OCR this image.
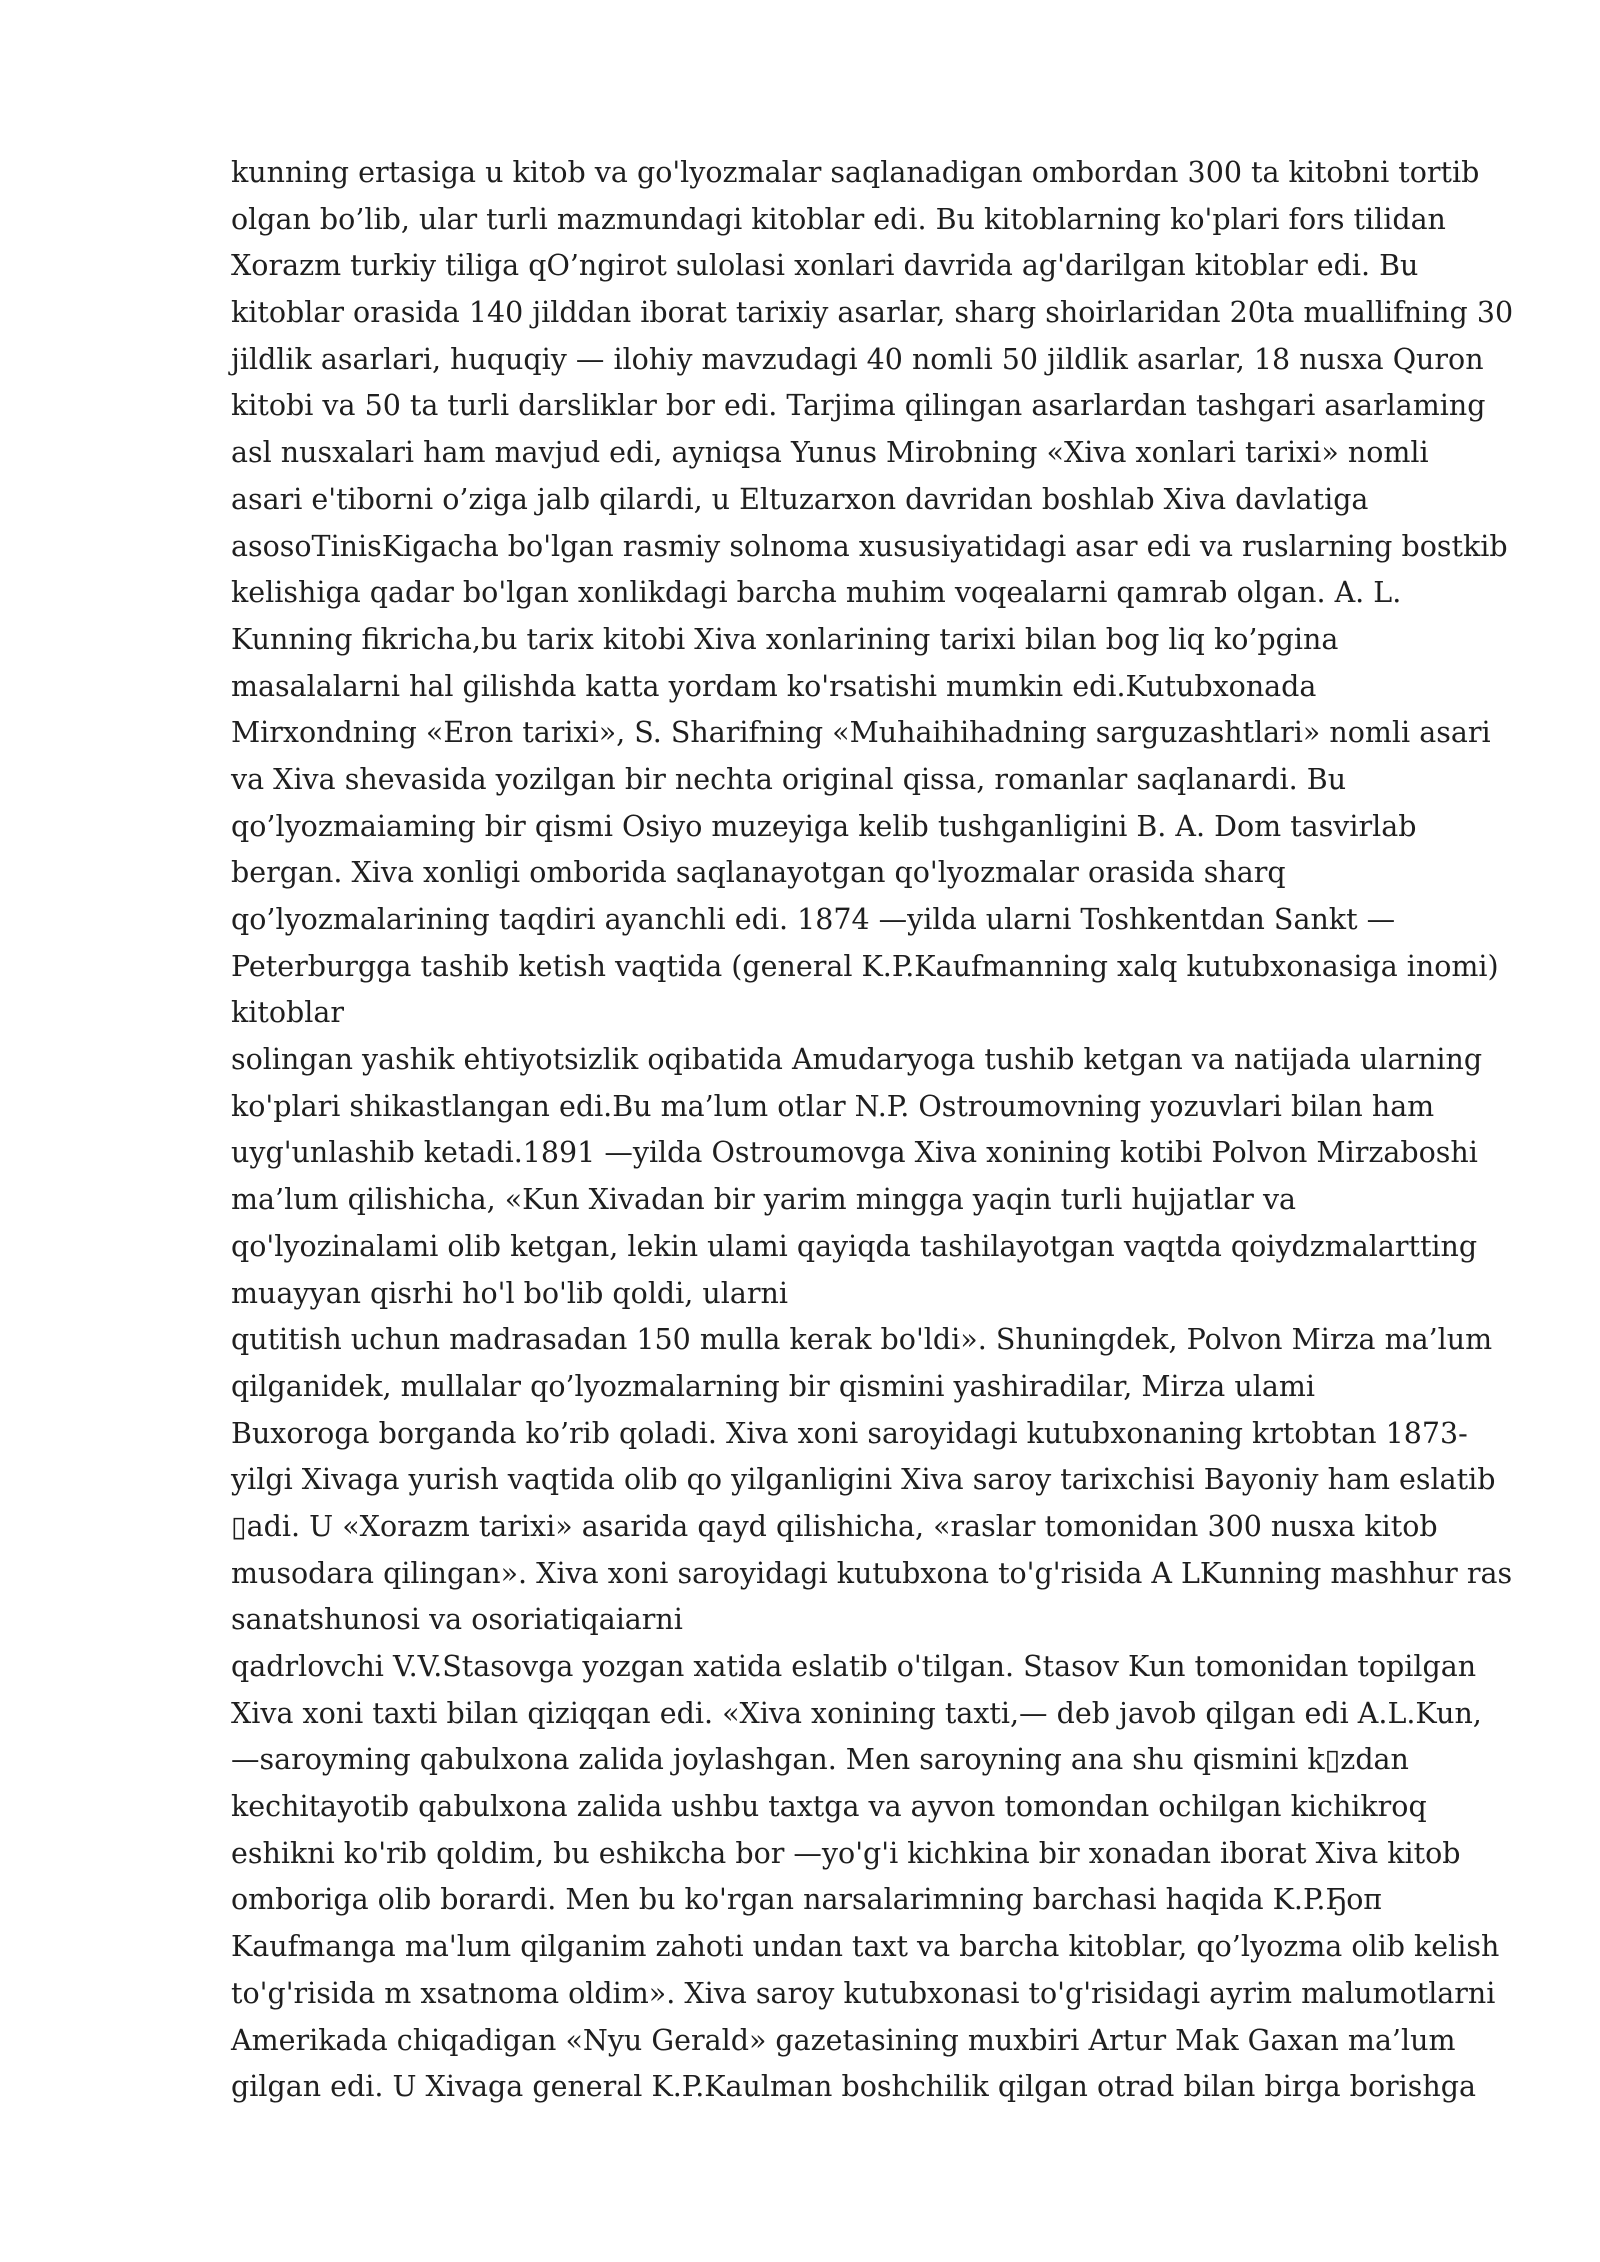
kunning ertasiga u kitob va go'lyozmalar saqlanadigan ombordan 300 ta kitobni tortib
olgan bo’lib, ular turli mazmundagi kitoblar edi. Bu kitoblarning ko'plari fors tilidan
Xorazm turkiy tiliga qO’ngirot sulolasi xonlari davrida ag'darilgan kitoblar edi. Bu
kitoblar orasida 140 jilddan iborat tarixiy asarlar, sharg shoirlaridan 20ta muallifning 30
jildlik asarlari, huquqiy — ilohiy mavzudagi 40 nomli 50 jildlik asarlar, 18 nusxa Quron
kitobi va 50 ta turli darsliklar bor edi. Tarjima qilingan asarlardan tashgari asarlaming
asl nusxalari ham mavjud edi, ayniqsa Yunus Mirobning «Xiva xonlari tarixi» nomli
asari e'tiborni o’ziga jalb qilardi, u Eltuzarxon davridan boshlab Xiva davlatiga
asosoTinisKigacha bo'lgan rasmiy solnoma xususiyatidagi asar edi va ruslarning bostkib
kelishiga qadar bo'lgan xonlikdagi barcha muhim voqealarni qamrab olgan. A. L.
Kunning fikricha,bu tarix kitobi Xiva xonlarining tarixi bilan bog liq ko’pgina
masalalarni hal gilishda katta yordam ko'rsatishi mumkin edi.Kutubxonada
Mirxondning «Eron tarixi», S. Sharifning «Muhaihihadning sarguzashtlari» nomli asari
va Xiva shevasida yozilgan bir nechta original qissa, romanlar saqlanardi. Bu
qo’lyozmaiaming bir qismi Osiyo muzeyiga kelib tushganligini B. A. Dom tasvirlab
bergan. Xiva xonligi omborida saqlanayotgan qo'lyozmalar orasida sharq
qo’lyozmalarining taqdiri ayanchli edi. 1874 —yilda ularni Toshkentdan Sankt —
Peterburgga tashib ketish vaqtida (general K.P.Kaufmanning xalq kutubxonasiga inomi)
kitoblar
solingan yashik ehtiyotsizlik oqibatida Amudaryoga tushib ketgan va natijada ularning
ko'plari shikastlangan edi.Bu ma’lum otlar N.P. Ostroumovning yozuvlari bilan ham
uyg'unlashib ketadi.1891 —yilda Ostroumovga Xiva xonining kotibi Polvon Mirzaboshi
ma’lum qilishicha, «Kun Xivadan bir yarim mingga yaqin turli hujjatlar va
qo'lyozinalami olib ketgan, lekin ulami qayiqda tashilayotgan vaqtda qoiydzmalartting
muayyan qisrhi ho'l bo'lib qoldi, ularni
qutitish uchun madrasadan 150 mulla kerak bo'ldi». Shuningdek, Polvon Mirza ma’lum
qilganidek, mullalar qo’lyozmalarning bir qismini yashiradilar, Mirza ulami
Buxoroga borganda ko’rib qoladi. Xiva xoni saroyidagi kutubxonaning krtobtan 1873-
yilgi Xivaga yurish vaqtida olib qo yilganligini Xiva saroy tarixchisi Bayoniy ham eslatib
▯adi. U «Xorazm tarixi» asarida qayd qilishicha, «raslar tomonidan 300 nusxa kitob
musodara qilingan». Xiva xoni saroyidagi kutubxona to'g'risida A LKunning mashhur ras
sanatshunosi va osoriatiqaiarni
qadrlovchi V.V.Stasovga yozgan xatida eslatib o'tilgan. Stasov Kun tomonidan topilgan
Xiva xoni taxti bilan qiziqqan edi. «Xiva xonining taxti,— deb javob qilgan edi A.L.Kun,
—saroyming qabulxona zalida joylashgan. Men saroyning ana shu qismini k▯zdan
kechitayotib qabulxona zalida ushbu taxtga va ayvon tomondan ochilgan kichikroq
eshikni ko'rib qoldim, bu eshikcha bor —yo'g'i kichkina bir xonadan iborat Xiva kitob
omboriga olib borardi. Men bu ko'rgan narsalarimning barchasi haqida K.P.Ҕoп
Kaufmanga ma'lum qilganim zahoti undan taxt va barcha kitoblar, qo’lyozma olib kelish
to'g'risida m xsatnoma oldim». Xiva saroy kutubxonasi to'g'risidagi ayrim malumotlarni
Amerikada chiqadigan «Nyu Gerald» gazetasining muxbiri Artur Mak Gaxan ma’lum
gilgan edi. U Xivaga general K.P.Kaulman boshchilik qilgan otrad bilan birga borishga
